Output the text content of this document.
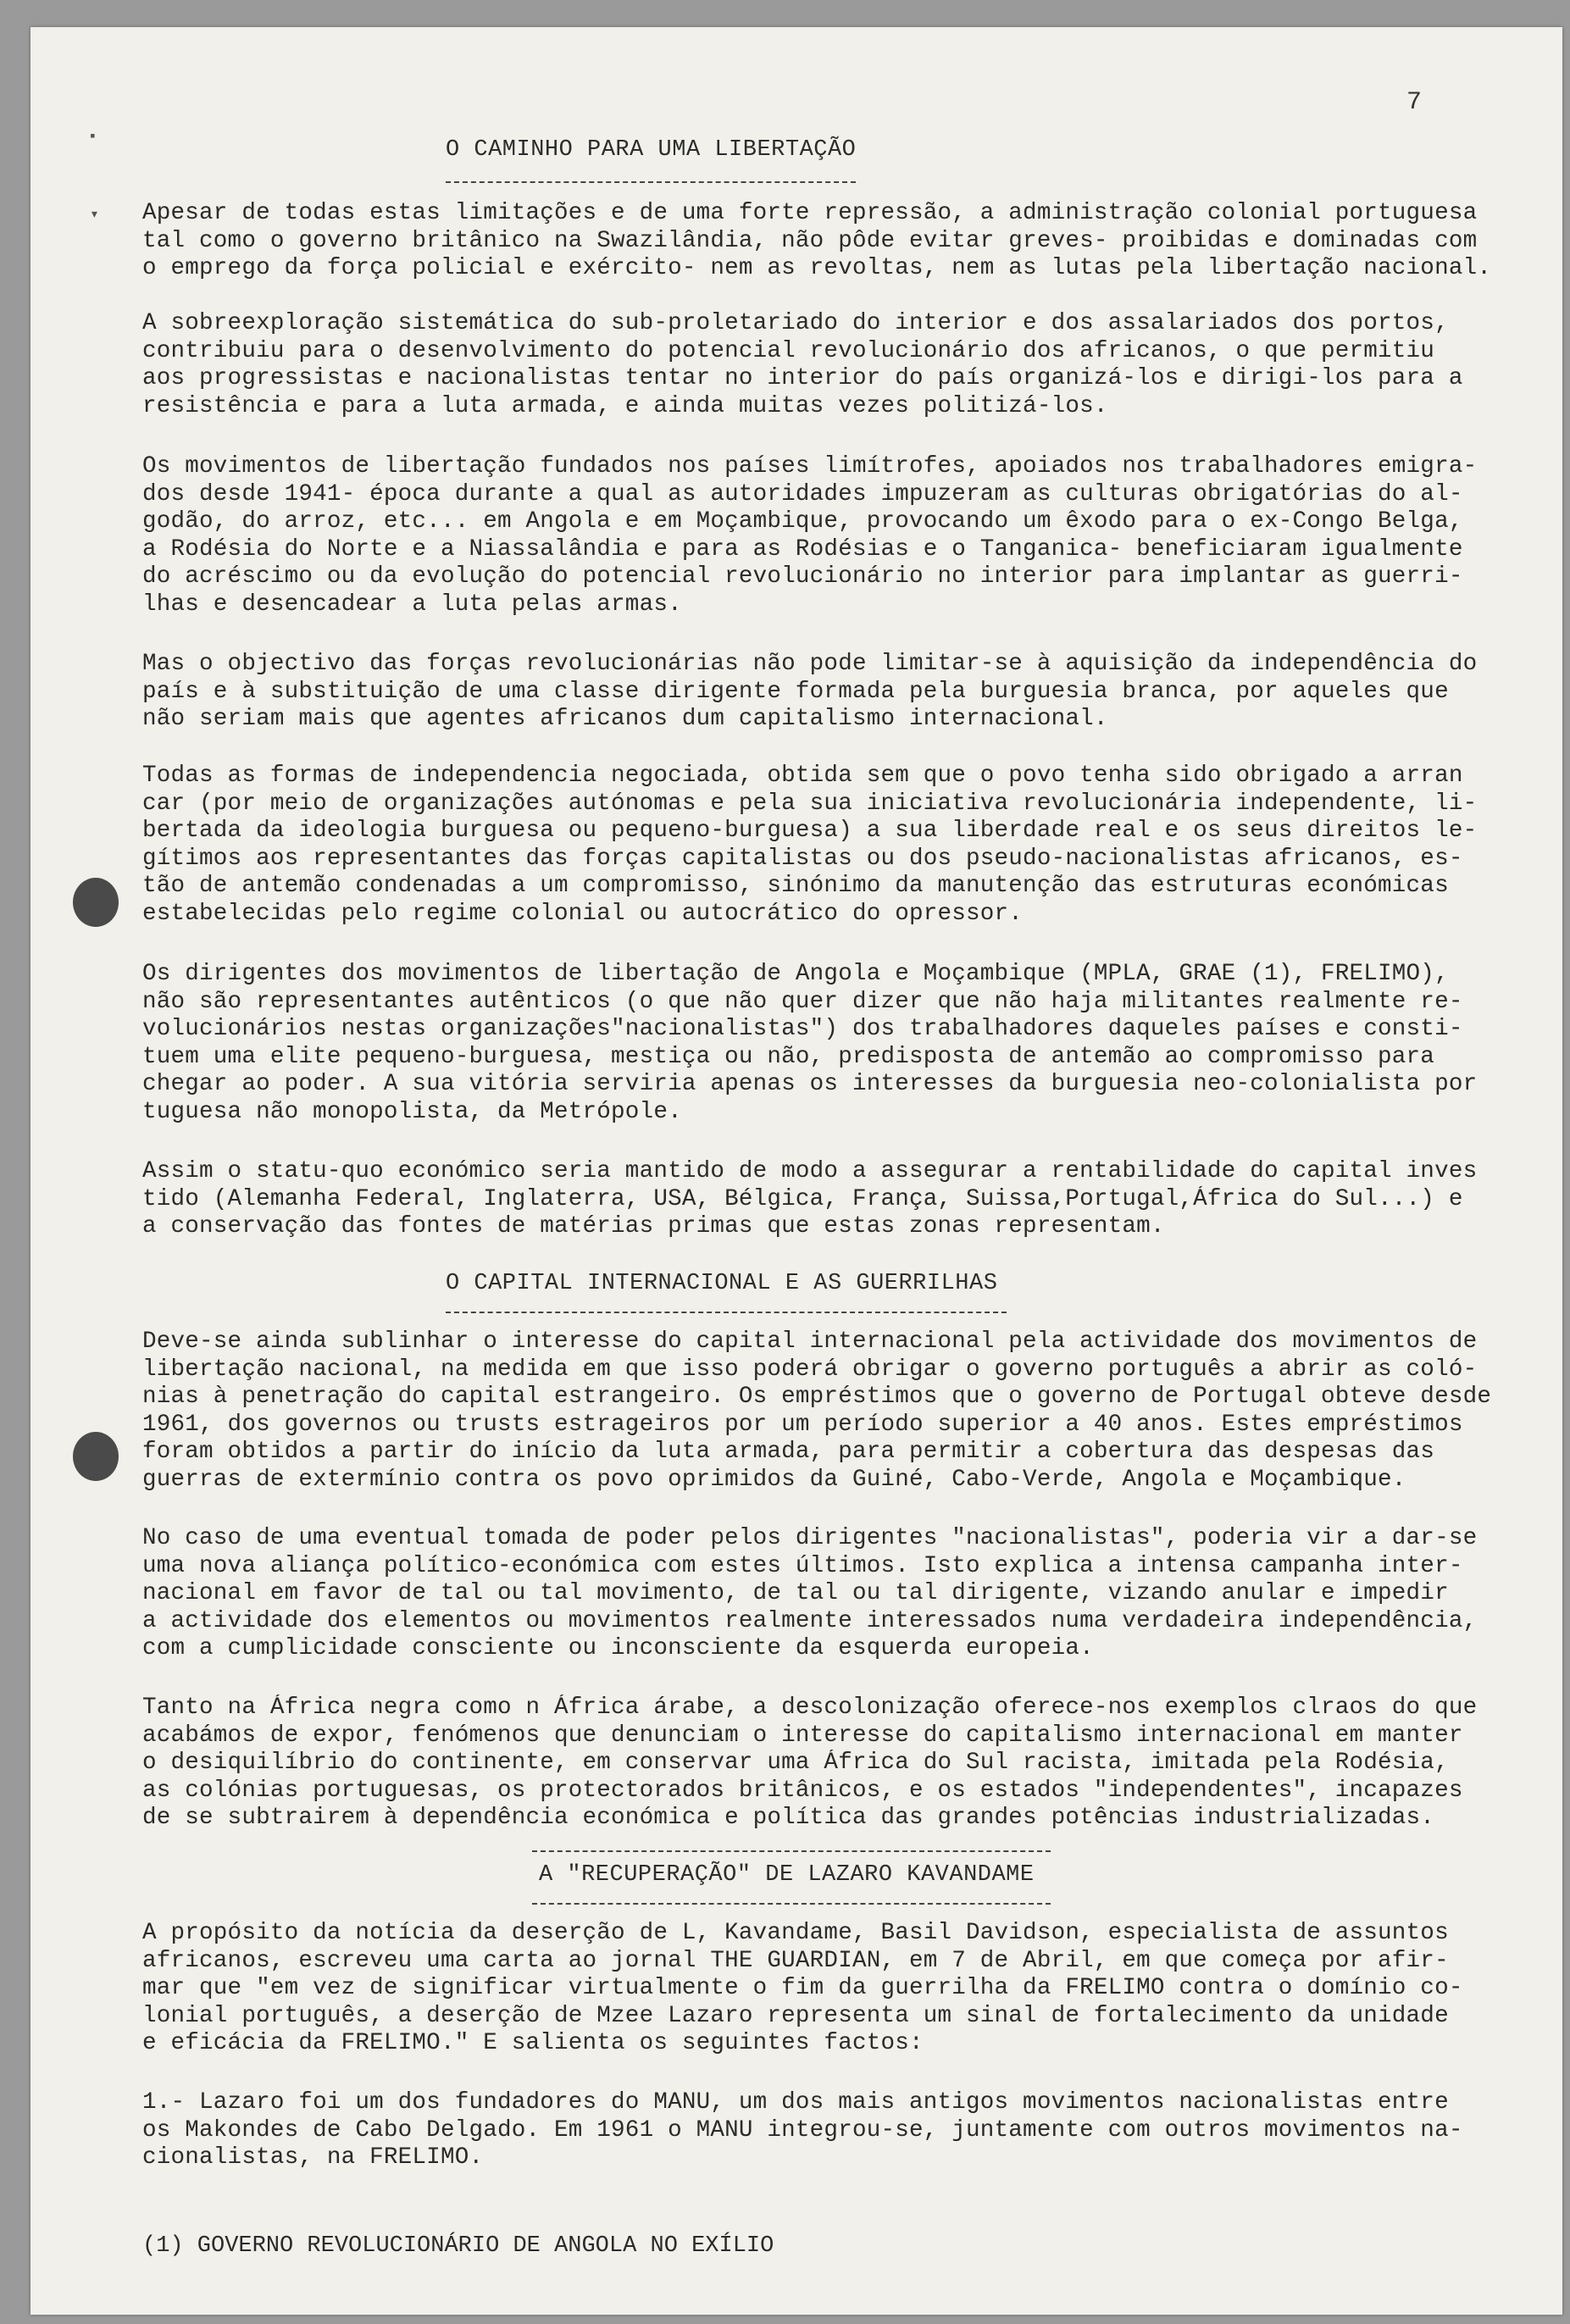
▪
▾
7
O CAMINHO PARA UMA LIBERTAÇÃO
Apesar de todas estas limitações e de uma forte repressão, a administração colonial portuguesa
tal como o governo britânico na Swazilândia, não pôde evitar greves- proibidas e dominadas com
o emprego da força policial e exército- nem as revoltas, nem as lutas pela libertação nacional.
A sobreexploração sistemática do sub-proletariado do interior e dos assalariados dos portos,
contribuiu para o desenvolvimento do potencial revolucionário dos africanos, o que permitiu
aos progressistas e nacionalistas tentar no interior do país organizá-los e dirigi-los para a
resistência e para a luta armada, e ainda muitas vezes politizá-los.
Os movimentos de libertação fundados nos países limítrofes, apoiados nos trabalhadores emigra-
dos desde 1941- época durante a qual as autoridades impuzeram as culturas obrigatórias do al-
godão, do arroz, etc... em Angola e em Moçambique, provocando um êxodo para o ex-Congo Belga,
a Rodésia do Norte e a Niassalândia e para as Rodésias e o Tanganica- beneficiaram igualmente
do acréscimo ou da evolução do potencial revolucionário no interior para implantar as guerri-
lhas e desencadear a luta pelas armas.
Mas o objectivo das forças revolucionárias não pode limitar-se à aquisição da independência do
país e à substituição de uma classe dirigente formada pela burguesia branca, por aqueles que
não seriam mais que agentes africanos dum capitalismo internacional.
Todas as formas de independencia negociada, obtida sem que o povo tenha sido obrigado a arran
car (por meio de organizações autónomas e pela sua iniciativa revolucionária independente, li-
bertada da ideologia burguesa ou pequeno-burguesa) a sua liberdade real e os seus direitos le-
gítimos aos representantes das forças capitalistas ou dos pseudo-nacionalistas africanos, es-
tão de antemão condenadas a um compromisso, sinónimo da manutenção das estruturas económicas
estabelecidas pelo regime colonial ou autocrático do opressor.
Os dirigentes dos movimentos de libertação de Angola e Moçambique (MPLA, GRAE (1), FRELIMO),
não são representantes autênticos (o que não quer dizer que não haja militantes realmente re-
volucionários nestas organizações"nacionalistas") dos trabalhadores daqueles países e consti-
tuem uma elite pequeno-burguesa, mestiça ou não, predisposta de antemão ao compromisso para
chegar ao poder. A sua vitória serviria apenas os interesses da burguesia neo-colonialista por
tuguesa não monopolista, da Metrópole.
Assim o statu-quo económico seria mantido de modo a assegurar a rentabilidade do capital inves
tido (Alemanha Federal, Inglaterra, USA, Bélgica, França, Suissa,Portugal,África do Sul...) e
a conservação das fontes de matérias primas que estas zonas representam.
O CAPITAL INTERNACIONAL E AS GUERRILHAS
Deve-se ainda sublinhar o interesse do capital internacional pela actividade dos movimentos de
libertação nacional, na medida em que isso poderá obrigar o governo português a abrir as coló-
nias à penetração do capital estrangeiro. Os empréstimos que o governo de Portugal obteve desde
1961, dos governos ou trusts estrageiros por um período superior a 40 anos. Estes empréstimos
foram obtidos a partir do início da luta armada, para permitir a cobertura das despesas das
guerras de extermínio contra os povo oprimidos da Guiné, Cabo-Verde, Angola e Moçambique.
No caso de uma eventual tomada de poder pelos dirigentes "nacionalistas", poderia vir a dar-se
uma nova aliança político-económica com estes últimos. Isto explica a intensa campanha inter-
nacional em favor de tal ou tal movimento, de tal ou tal dirigente, vizando anular e impedir
a actividade dos elementos ou movimentos realmente interessados numa verdadeira independência,
com a cumplicidade consciente ou inconsciente da esquerda europeia.
Tanto na África negra como n África árabe, a descolonização oferece-nos exemplos clraos do que
acabámos de expor, fenómenos que denunciam o interesse do capitalismo internacional em manter
o desiquilíbrio do continente, em conservar uma África do Sul racista, imitada pela Rodésia,
as colónias portuguesas, os protectorados britânicos, e os estados "independentes", incapazes
de se subtrairem à dependência económica e política das grandes potências industrializadas.
A "RECUPERAÇÃO" DE LAZARO KAVANDAME
A propósito da notícia da deserção de L, Kavandame, Basil Davidson, especialista de assuntos
africanos, escreveu uma carta ao jornal THE GUARDIAN, em 7 de Abril, em que começa por afir-
mar que "em vez de significar virtualmente o fim da guerrilha da FRELIMO contra o domínio co-
lonial português, a deserção de Mzee Lazaro representa um sinal de fortalecimento da unidade
e eficácia da FRELIMO." E salienta os seguintes factos:
1.- Lazaro foi um dos fundadores do MANU, um dos mais antigos movimentos nacionalistas entre
os Makondes de Cabo Delgado. Em 1961 o MANU integrou-se, juntamente com outros movimentos na-
cionalistas, na FRELIMO.
(1) GOVERNO REVOLUCIONÁRIO DE ANGOLA NO EXÍLIO
